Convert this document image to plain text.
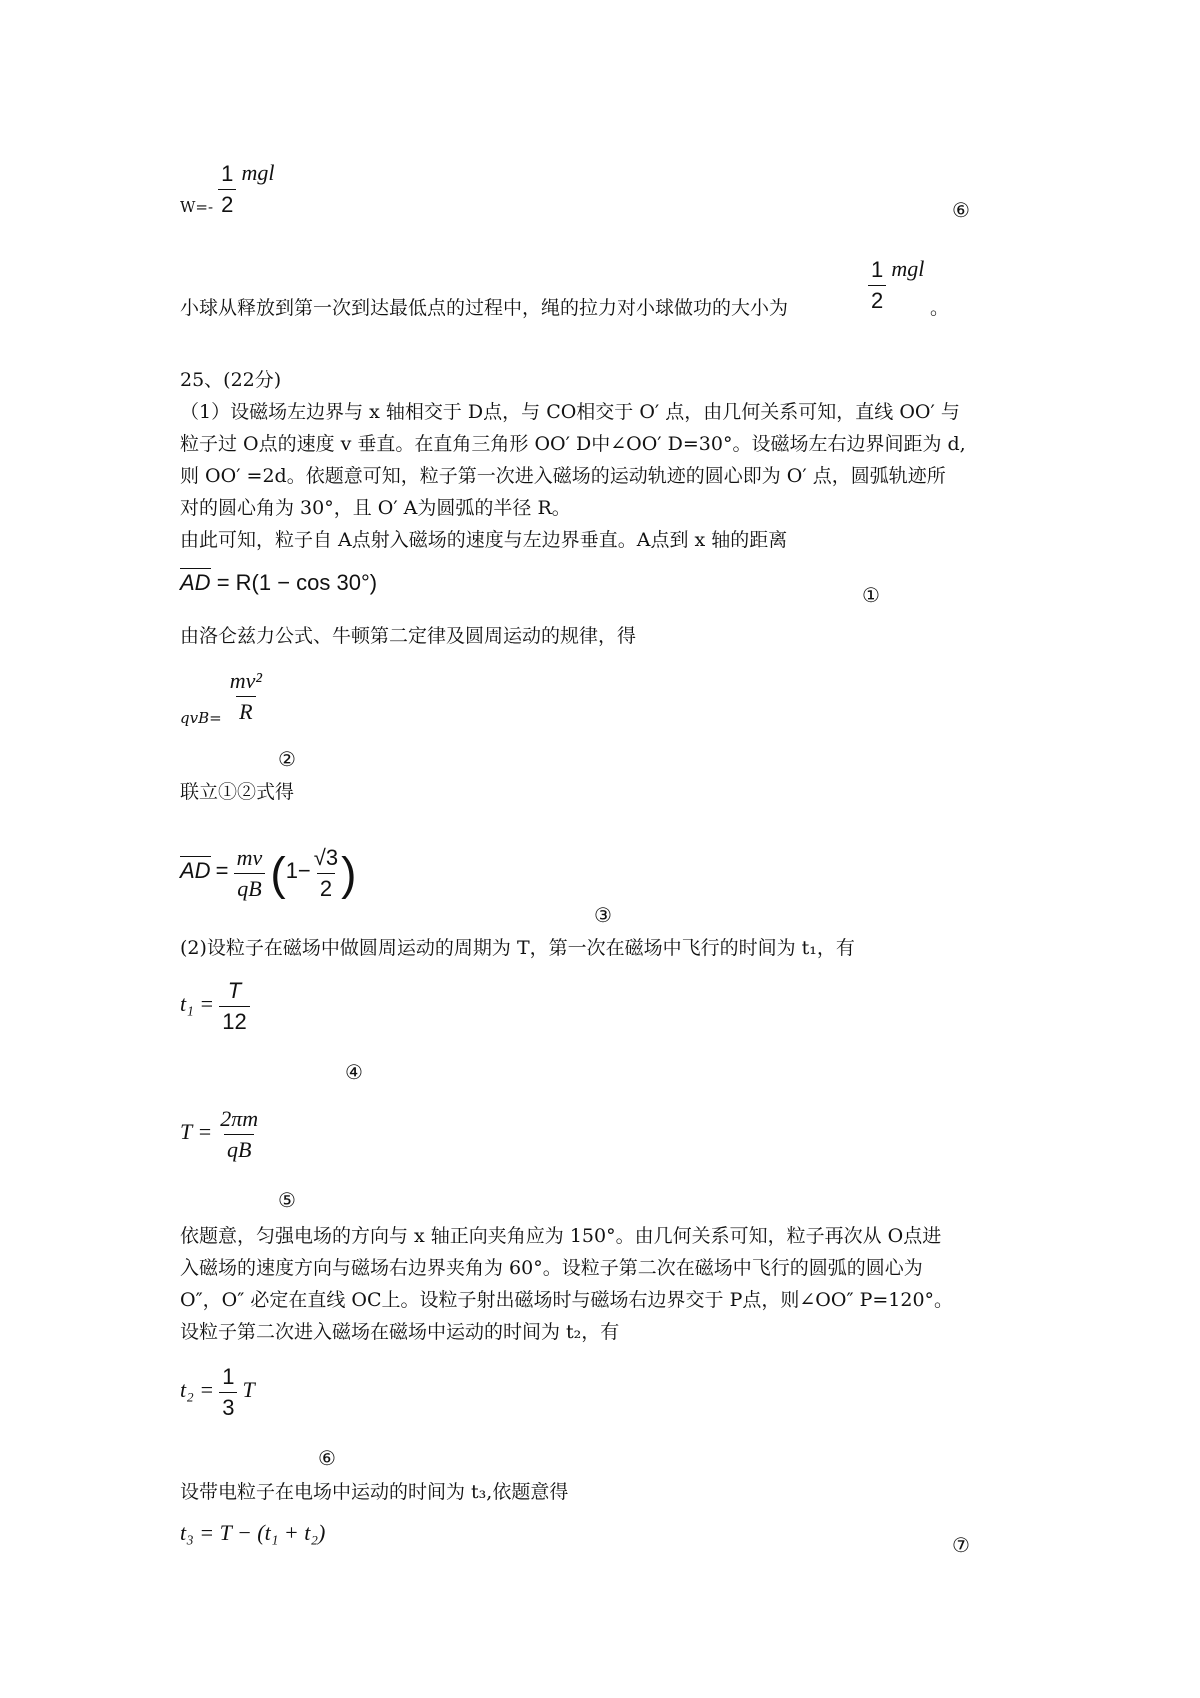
$W=- \frac{1}{2}$ mgl
⑥
小球从释放到第一次到达最低点的过程中，绳的拉力对小球做功的大小为	$\frac{1}{2}$ mgl
。
25、(22分)
（1）设磁场左边界与 x 轴相交于 D点，与 CO相交于 O′ 点，由几何关系可知，直线 OO′ 与
粒子过 O点的速度 v 垂直。在直角三角形 OO′ D中∠OO′ D=30°。设磁场左右边界间距为 d,
则 OO′ =2d。依题意可知，粒子第一次进入磁场的运动轨迹的圆心即为 O′ 点，圆弧轨迹所
对的圆心角为 30°，且 O′ A为圆弧的半径 R。
由此可知，粒子自 A点射入磁场的速度与左边界垂直。A点到 x 轴的距离
AD = R(1 − cos 30°)	①
由洛仑兹力公式、牛顿第二定律及圆周运动的规律，得
$qvB= \frac{\text{mv²}}{R}$
②
联立①②式得
AD = $\frac{mv}{qB} (1- \frac{√3}{2}$ )
③
(2)设粒子在磁场中做圆周运动的周期为 T，第一次在磁场中飞行的时间为 t₁，有
$t_1 = \frac{T}{12}$
④
$T = \frac{2\pi m}{qB}$
⑤
依题意，匀强电场的方向与 x 轴正向夹角应为 150°。由几何关系可知，粒子再次从 O点进
入磁场的速度方向与磁场右边界夹角为 60°。设粒子第二次在磁场中飞行的圆弧的圆心为
O″，O″ 必定在直线 OC上。设粒子射出磁场时与磁场右边界交于 P点，则∠OO″ P=120°。
设粒子第二次进入磁场在磁场中运动的时间为 t₂，有
$t_2 = \frac{1}{3}$ T
⑥
设带电粒子在电场中运动的时间为 t₃,依题意得
t₃ = T − (t₁ + t₂)	⑦
